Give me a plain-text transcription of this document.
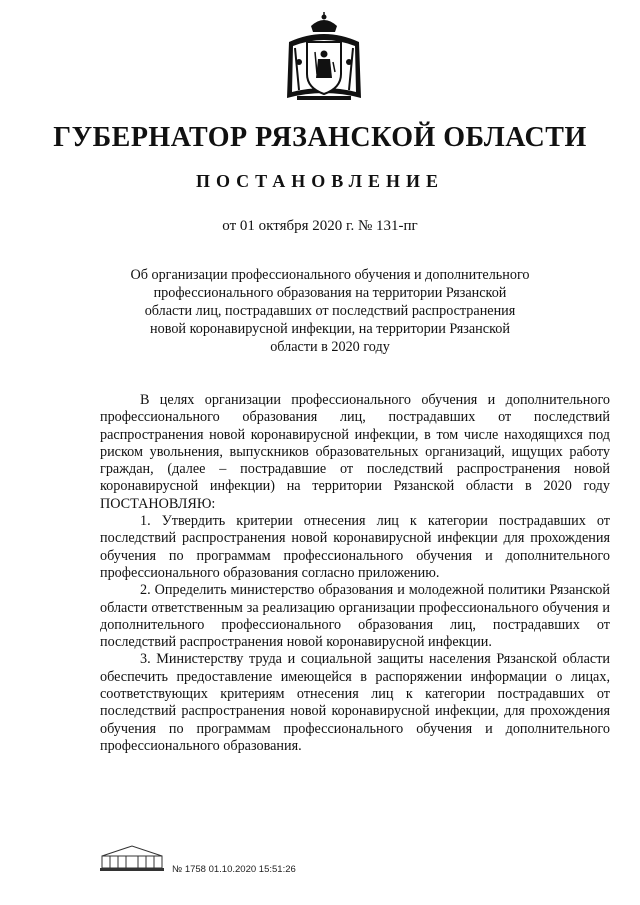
ГУБЕРНАТОР РЯЗАНСКОЙ ОБЛАСТИ
ПОСТАНОВЛЕНИЕ
от 01 октября 2020 г. № 131-пг
Об организации профессионального обучения и дополнительного профессионального образования на территории Рязанской области лиц, пострадавших от последствий распространения новой коронавирусной инфекции, на территории Рязанской области в 2020 году

В целях организации профессионального обучения и дополнительного профессионального образования лиц, пострадавших от последствий распространения новой коронавирусной инфекции, в том числе находящихся под риском увольнения, выпускников образовательных организаций, ищущих работу граждан, (далее – пострадавшие от последствий распространения новой коронавирусной инфекции) на территории Рязанской области в 2020 году ПОСТАНОВЛЯЮ:

1. Утвердить критерии отнесения лиц к категории пострадавших от последствий распространения новой коронавирусной инфекции для прохождения обучения по программам профессионального обучения и дополнительного профессионального образования согласно приложению.

2. Определить министерство образования и молодежной политики Рязанской области ответственным за реализацию организации профессионального обучения и дополнительного профессионального образования лиц, пострадавших от последствий распространения новой коронавирусной инфекции.

3. Министерству труда и социальной защиты населения Рязанской области обеспечить предоставление имеющейся в распоряжении информации о лицах, соответствующих критериям отнесения лиц к категории пострадавших от последствий распространения новой коронавирусной инфекции, для прохождения обучения по программам профессионального обучения и дополнительного профессионального образования.

№ 1758 01.10.2020 15:51:26
